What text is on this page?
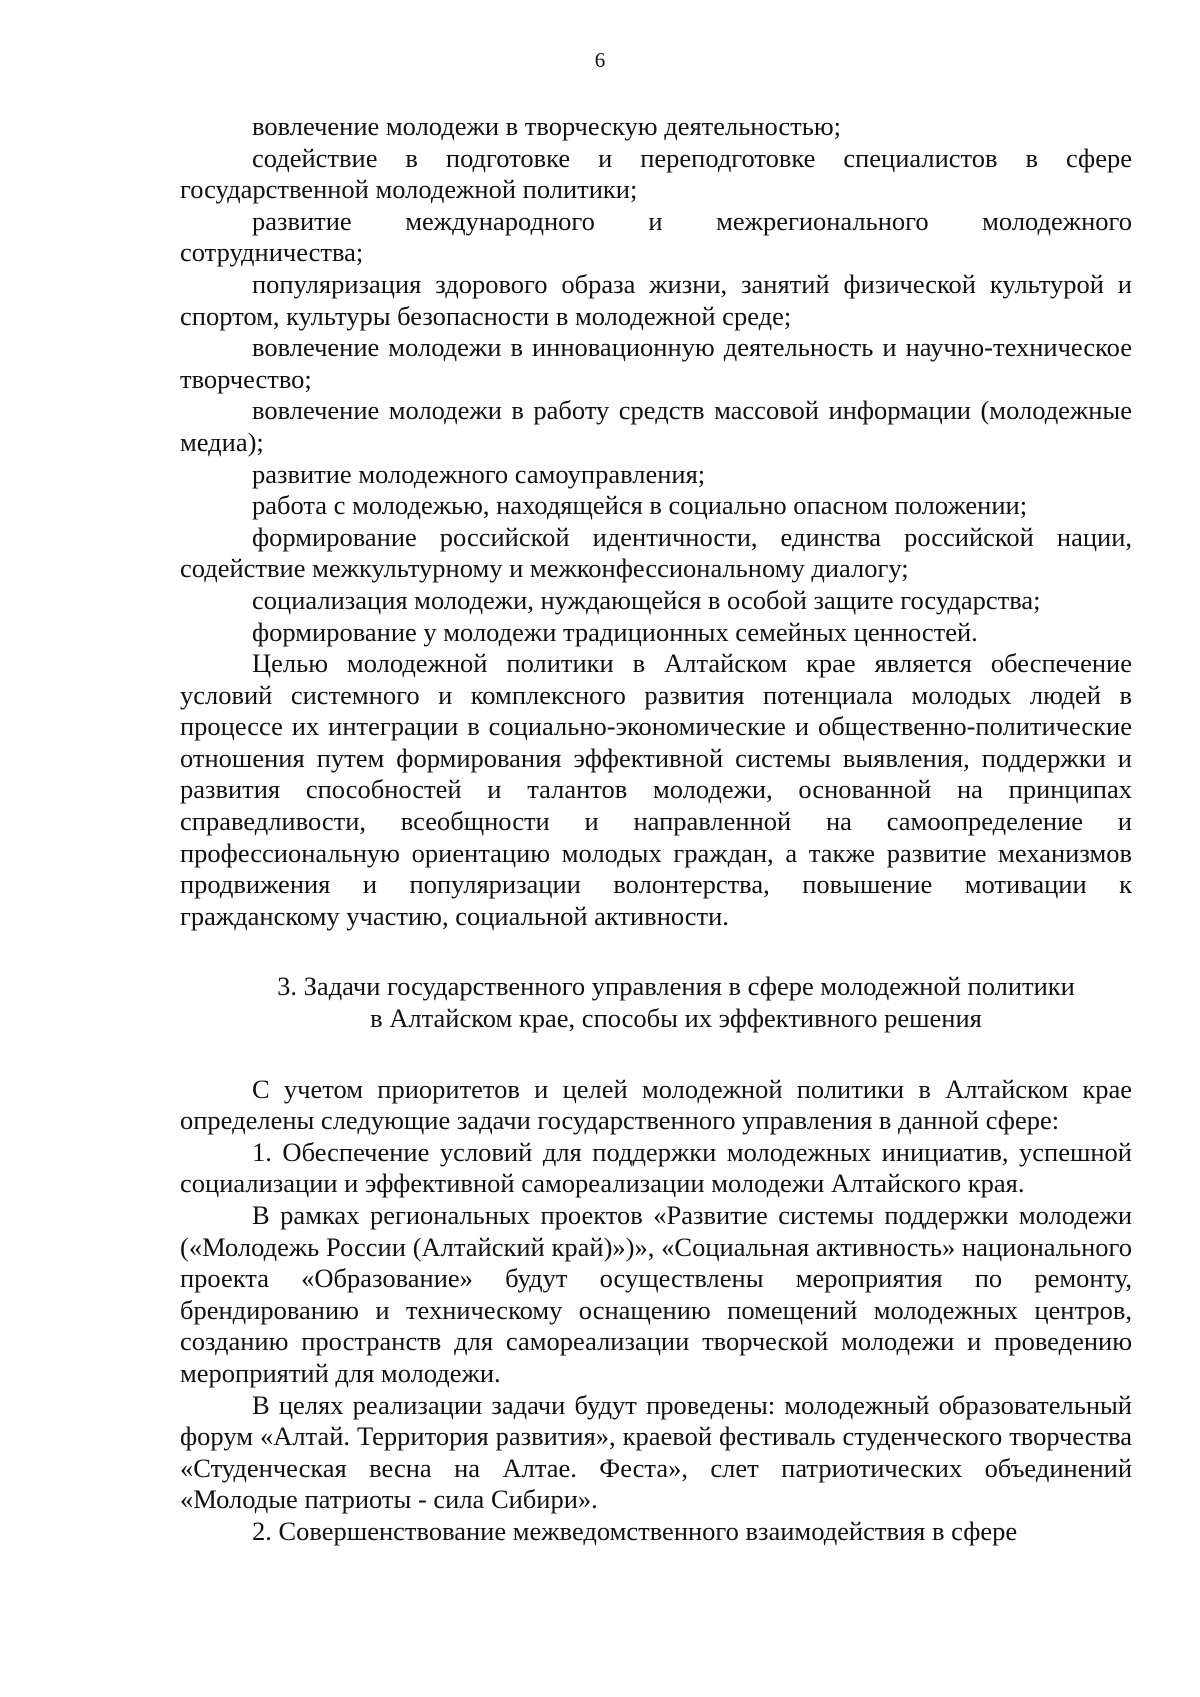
6

вовлечение молодежи в творческую деятельностью;

содействие в подготовке и переподготовке специалистов в сфере государственной молодежной политики;

развитие международного и межрегионального молодежного сотрудничества;

популяризация здорового образа жизни, занятий физической культурой и спортом, культуры безопасности в молодежной среде;

вовлечение молодежи в инновационную деятельность и научно-техническое творчество;

вовлечение молодежи в работу средств массовой информации (молодежные медиа);

развитие молодежного самоуправления;

работа с молодежью, находящейся в социально опасном положении;

формирование российской идентичности, единства российской нации, содействие межкультурному и межконфессиональному диалогу;

социализация молодежи, нуждающейся в особой защите государства;

формирование у молодежи традиционных семейных ценностей.

Целью молодежной политики в Алтайском крае является обеспечение условий системного и комплексного развития потенциала молодых людей в процессе их интеграции в социально-экономические и общественно-политические отношения путем формирования эффективной системы выявления, поддержки и развития способностей и талантов молодежи, основанной на принципах справедливости, всеобщности и направленной на самоопределение и профессиональную ориентацию молодых граждан, а также развитие механизмов продвижения и популяризации волонтерства, повышение мотивации к гражданскому участию, социальной активности.

3. Задачи государственного управления в сфере молодежной политики
в Алтайском крае, способы их эффективного решения

С учетом приоритетов и целей молодежной политики в Алтайском крае определены следующие задачи государственного управления в данной сфере:

1. Обеспечение условий для поддержки молодежных инициатив, успешной социализации и эффективной самореализации молодежи Алтайского края.

В рамках региональных проектов «Развитие системы поддержки молодежи («Молодежь России (Алтайский край)»)», «Социальная активность» национального проекта «Образование» будут осуществлены мероприятия по ремонту, брендированию и техническому оснащению помещений молодежных центров, созданию пространств для самореализации творческой молодежи и проведению мероприятий для молодежи.

В целях реализации задачи будут проведены: молодежный образовательный форум «Алтай. Территория развития», краевой фестиваль студенческого творчества «Студенческая весна на Алтае. Феста», слет патриотических объединений «Молодые патриоты - сила Сибири».

2. Совершенствование межведомственного взаимодействия в сфере
